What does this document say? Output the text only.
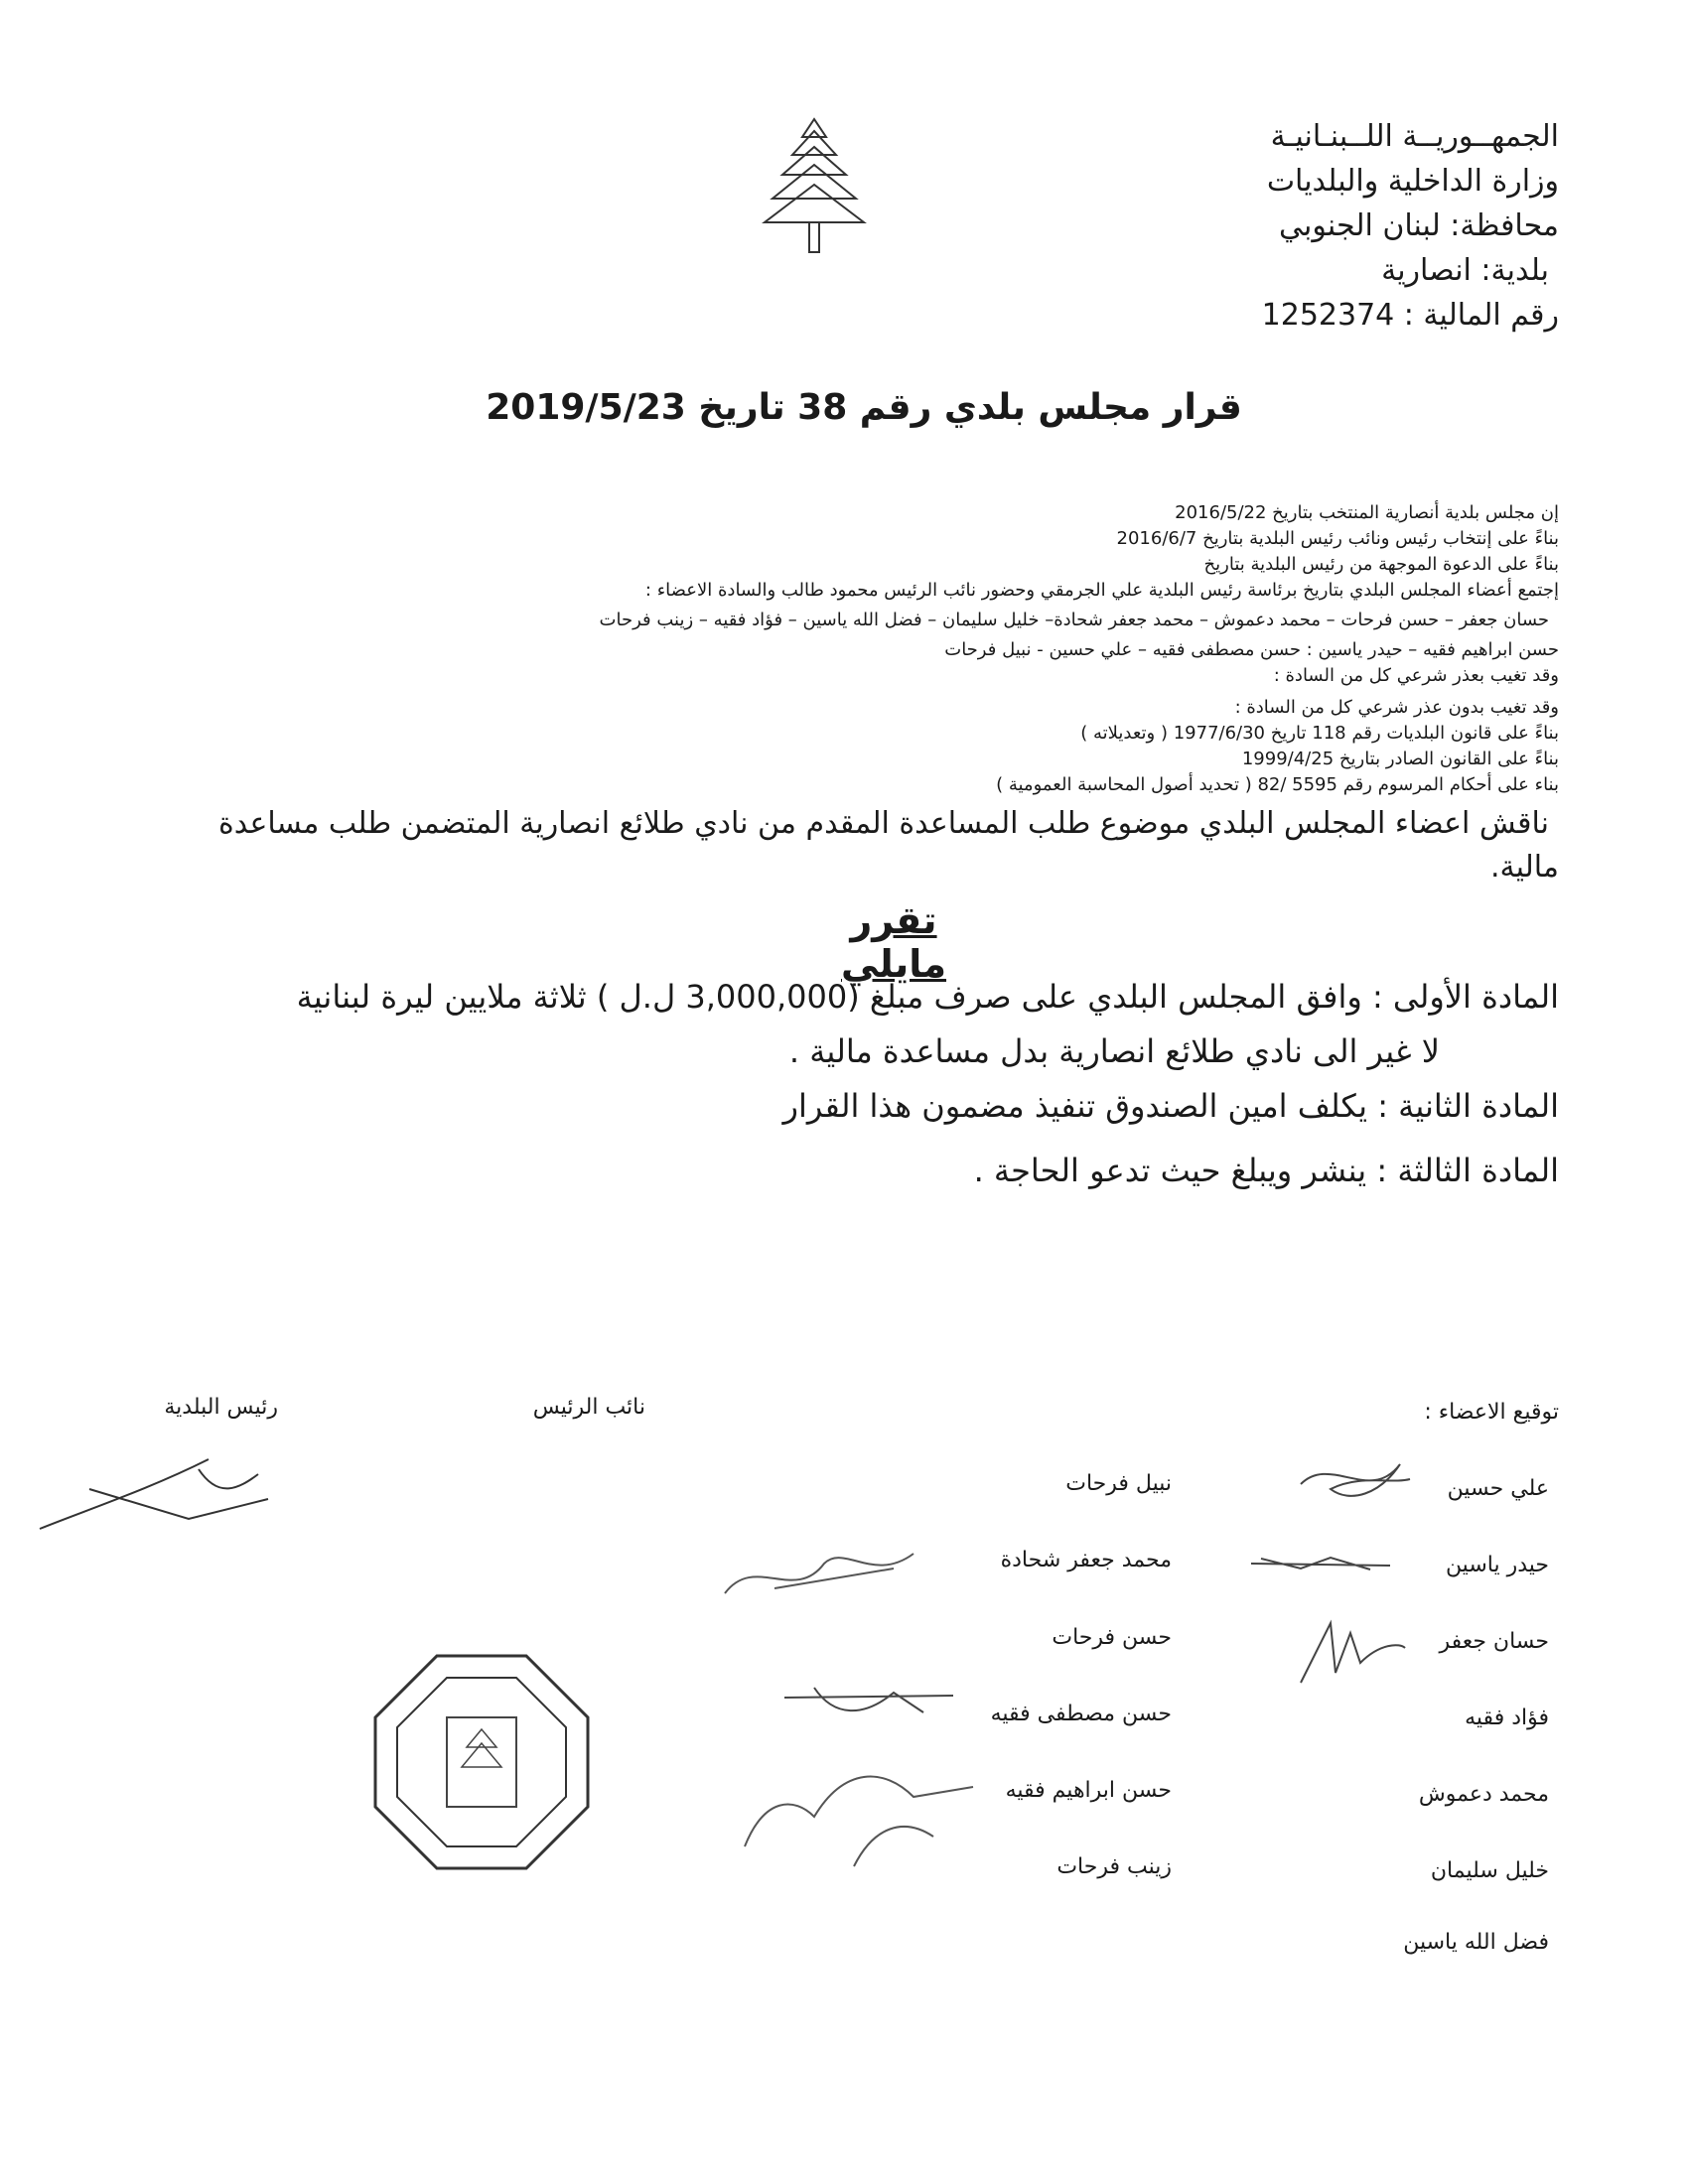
الجمهــوريــة اللــبنـانيـة
وزارة الداخلية والبلديات
محافظة: لبنان الجنوبي
بلدية: انصارية
رقم المالية : 1252374
قرار مجلس بلدي رقم 38 تاريخ 2019/5/23
إن مجلس بلدية أنصارية المنتخب بتاريخ 2016/5/22
بناءً على إنتخاب رئيس ونائب رئيس البلدية بتاريخ 2016/6/7
بناءً على الدعوة الموجهة من رئيس البلدية بتاريخ
إجتمع أعضاء المجلس البلدي بتاريخ برئاسة رئيس البلدية علي الجرمقي وحضور نائب الرئيس محمود طالب والسادة الاعضاء :
حسان جعفر – حسن فرحات – محمد دعموش – محمد جعفر شحادة– خليل سليمان – فضل الله ياسين – فؤاد فقيه – زينب فرحات
حسن ابراهيم فقيه – حيدر ياسين : حسن مصطفى فقيه – علي حسين - نبيل فرحات
وقد تغيب بعذر شرعي كل من السادة :
وقد تغيب بدون عذر شرعي كل من السادة :
بناءً على قانون البلديات رقم 118 تاريخ 1977/6/30 ( وتعديلاته )
بناءً على القانون الصادر بتاريخ 1999/4/25
بناء على أحكام المرسوم رقم 5595 /82 ( تحديد أصول المحاسبة العمومية )
ناقش اعضاء المجلس البلدي موضوع طلب المساعدة المقدم من نادي طلائع انصارية المتضمن طلب مساعدة
مالية.
تقرر مايلي
المادة الأولى : وافق المجلس البلدي على صرف مبلغ (3,000,000 ل.ل ) ثلاثة ملايين ليرة لبنانية
لا غير الى نادي طلائع انصارية بدل مساعدة مالية .
المادة الثانية : يكلف امين الصندوق تنفيذ مضمون هذا القرار
المادة الثالثة : ينشر ويبلغ حيث تدعو الحاجة .
توقيع الاعضاء :
نائب الرئيس
رئيس البلدية
علي حسين
حيدر ياسين
حسان جعفر
فؤاد فقيه
محمد دعموش
خليل سليمان
فضل الله ياسين
نبيل فرحات
محمد جعفر شحادة
حسن فرحات
حسن مصطفى فقيه
حسن ابراهيم فقيه
زينب فرحات
